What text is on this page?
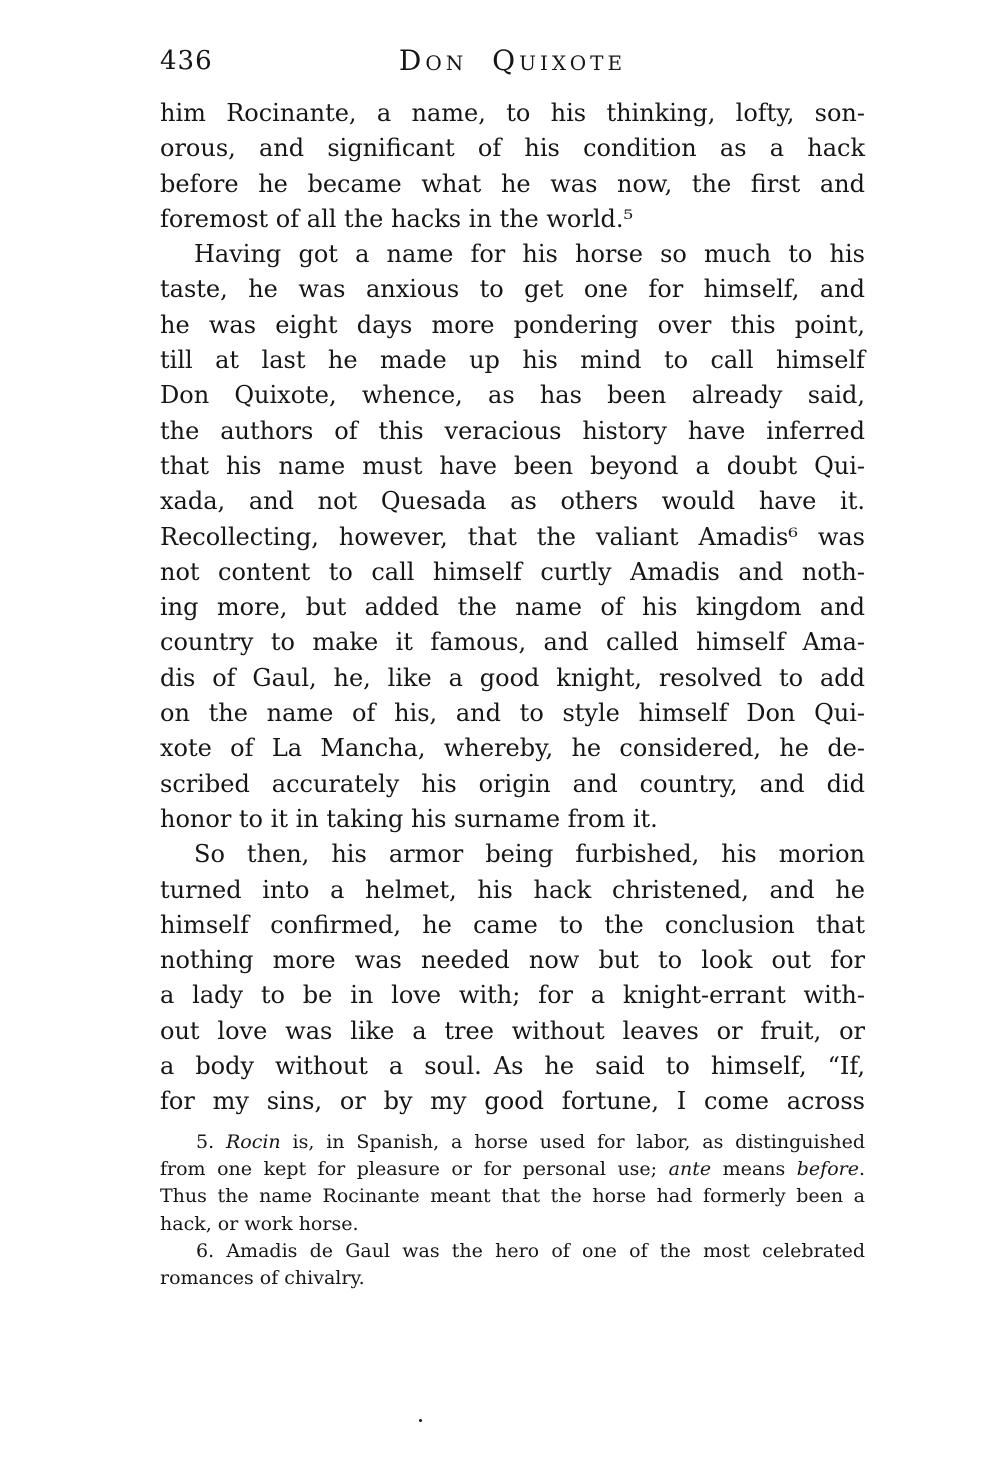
436	Don Quixote
him Rocinante, a name, to his thinking, lofty, son-
orous, and significant of his condition as a hack
before he became what he was now, the first and
foremost of all the hacks in the world.⁵
Having got a name for his horse so much to his
taste, he was anxious to get one for himself, and
he was eight days more pondering over this point,
till at last he made up his mind to call himself
Don Quixote, whence, as has been already said,
the authors of this veracious history have inferred
that his name must have been beyond a doubt Qui-
xada, and not Quesada as others would have it.
Recollecting, however, that the valiant Amadis⁶ was
not content to call himself curtly Amadis and noth-
ing more, but added the name of his kingdom and
country to make it famous, and called himself Ama-
dis of Gaul, he, like a good knight, resolved to add
on the name of his, and to style himself Don Qui-
xote of La Mancha, whereby, he considered, he de-
scribed accurately his origin and country, and did
honor to it in taking his surname from it.
So then, his armor being furbished, his morion
turned into a helmet, his hack christened, and he
himself confirmed, he came to the conclusion that
nothing more was needed now but to look out for
a lady to be in love with; for a knight-errant with-
out love was like a tree without leaves or fruit, or
a body without a soul. As he said to himself, “If,
for my sins, or by my good fortune, I come across
5. Rocin is, in Spanish, a horse used for labor, as distinguished
from one kept for pleasure or for personal use; ante means before.
Thus the name Rocinante meant that the horse had formerly been a
hack, or work horse.
6. Amadis de Gaul was the hero of one of the most celebrated
romances of chivalry.
